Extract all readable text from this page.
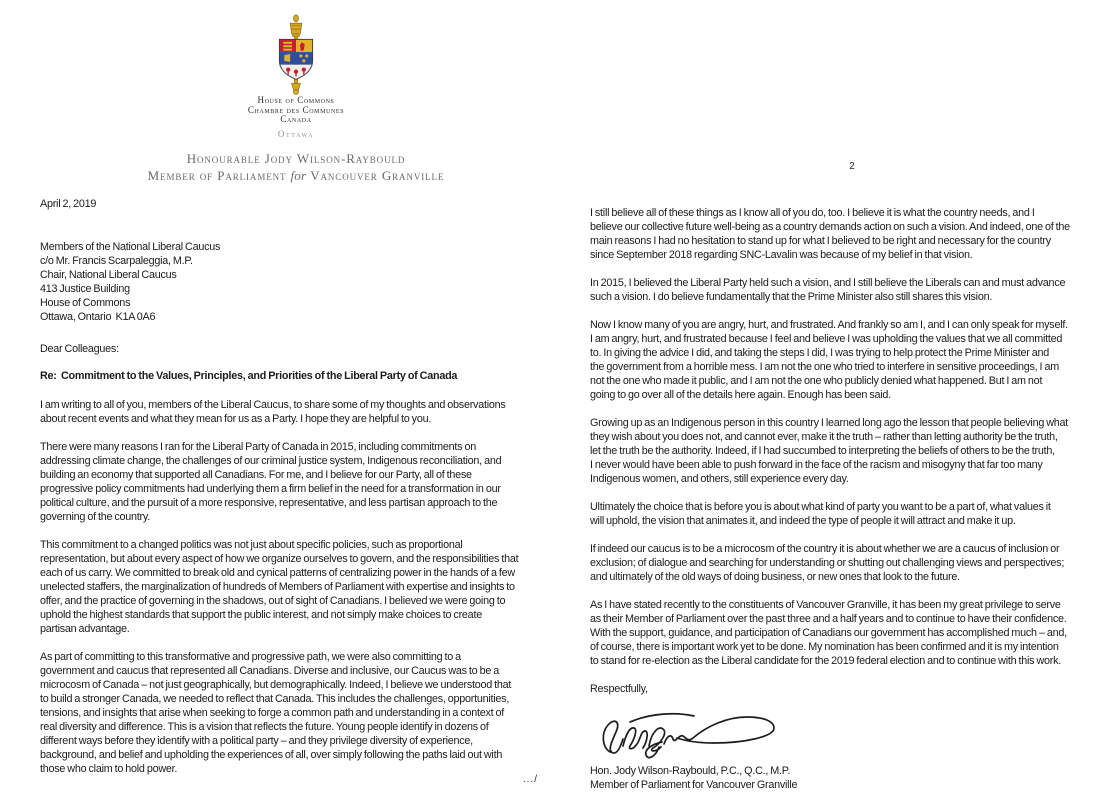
House of Commons
Chambre des Communes
Canada
Ottawa
Honourable Jody Wilson-Raybould
Member of Parliament for Vancouver Granville
April 2, 2019
Members of the National Liberal Caucus
c/o Mr. Francis Scarpaleggia, M.P.
Chair, National Liberal Caucus
413 Justice Building
House of Commons
Ottawa, Ontario  K1A 0A6
Dear Colleagues:
Re:  Commitment to the Values, Principles, and Priorities of the Liberal Party of Canada
I am writing to all of you, members of the Liberal Caucus, to share some of my thoughts and observations
about recent events and what they mean for us as a Party. I hope they are helpful to you.
There were many reasons I ran for the Liberal Party of Canada in 2015, including commitments on
addressing climate change, the challenges of our criminal justice system, Indigenous reconciliation, and
building an economy that supported all Canadians. For me, and I believe for our Party, all of these
progressive policy commitments had underlying them a firm belief in the need for a transformation in our
political culture, and the pursuit of a more responsive, representative, and less partisan approach to the
governing of the country.
This commitment to a changed politics was not just about specific policies, such as proportional
representation, but about every aspect of how we organize ourselves to govern, and the responsibilities that
each of us carry. We committed to break old and cynical patterns of centralizing power in the hands of a few
unelected staffers, the marginalization of hundreds of Members of Parliament with expertise and insights to
offer, and the practice of governing in the shadows, out of sight of Canadians. I believed we were going to
uphold the highest standards that support the public interest, and not simply make choices to create
partisan advantage.
As part of committing to this transformative and progressive path, we were also committing to a
government and caucus that represented all Canadians. Diverse and inclusive, our Caucus was to be a
microcosm of Canada – not just geographically, but demographically. Indeed, I believe we understood that
to build a stronger Canada, we needed to reflect that Canada. This includes the challenges, opportunities,
tensions, and insights that arise when seeking to forge a common path and understanding in a context of
real diversity and difference. This is a vision that reflects the future. Young people identify in dozens of
different ways before they identify with a political party – and they privilege diversity of experience,
background, and belief and upholding the experiences of all, over simply following the paths laid out with
those who claim to hold power.
.../
2
I still believe all of these things as I know all of you do, too. I believe it is what the country needs, and I
believe our collective future well-being as a country demands action on such a vision. And indeed, one of the
main reasons I had no hesitation to stand up for what I believed to be right and necessary for the country
since September 2018 regarding SNC-Lavalin was because of my belief in that vision.
In 2015, I believed the Liberal Party held such a vision, and I still believe the Liberals can and must advance
such a vision. I do believe fundamentally that the Prime Minister also still shares this vision.
Now I know many of you are angry, hurt, and frustrated. And frankly so am I, and I can only speak for myself.
I am angry, hurt, and frustrated because I feel and believe I was upholding the values that we all committed
to. In giving the advice I did, and taking the steps I did, I was trying to help protect the Prime Minister and
the government from a horrible mess. I am not the one who tried to interfere in sensitive proceedings, I am
not the one who made it public, and I am not the one who publicly denied what happened. But I am not
going to go over all of the details here again. Enough has been said.
Growing up as an Indigenous person in this country I learned long ago the lesson that people believing what
they wish about you does not, and cannot ever, make it the truth – rather than letting authority be the truth,
let the truth be the authority. Indeed, if I had succumbed to interpreting the beliefs of others to be the truth,
I never would have been able to push forward in the face of the racism and misogyny that far too many
Indigenous women, and others, still experience every day.
Ultimately the choice that is before you is about what kind of party you want to be a part of, what values it
will uphold, the vision that animates it, and indeed the type of people it will attract and make it up.
If indeed our caucus is to be a microcosm of the country it is about whether we are a caucus of inclusion or
exclusion; of dialogue and searching for understanding or shutting out challenging views and perspectives;
and ultimately of the old ways of doing business, or new ones that look to the future.
As I have stated recently to the constituents of Vancouver Granville, it has been my great privilege to serve
as their Member of Parliament over the past three and a half years and to continue to have their confidence.
With the support, guidance, and participation of Canadians our government has accomplished much – and,
of course, there is important work yet to be done. My nomination has been confirmed and it is my intention
to stand for re-election as the Liberal candidate for the 2019 federal election and to continue with this work.
Respectfully,
Hon. Jody Wilson-Raybould, P.C., Q.C., M.P.
Member of Parliament for Vancouver Granville
